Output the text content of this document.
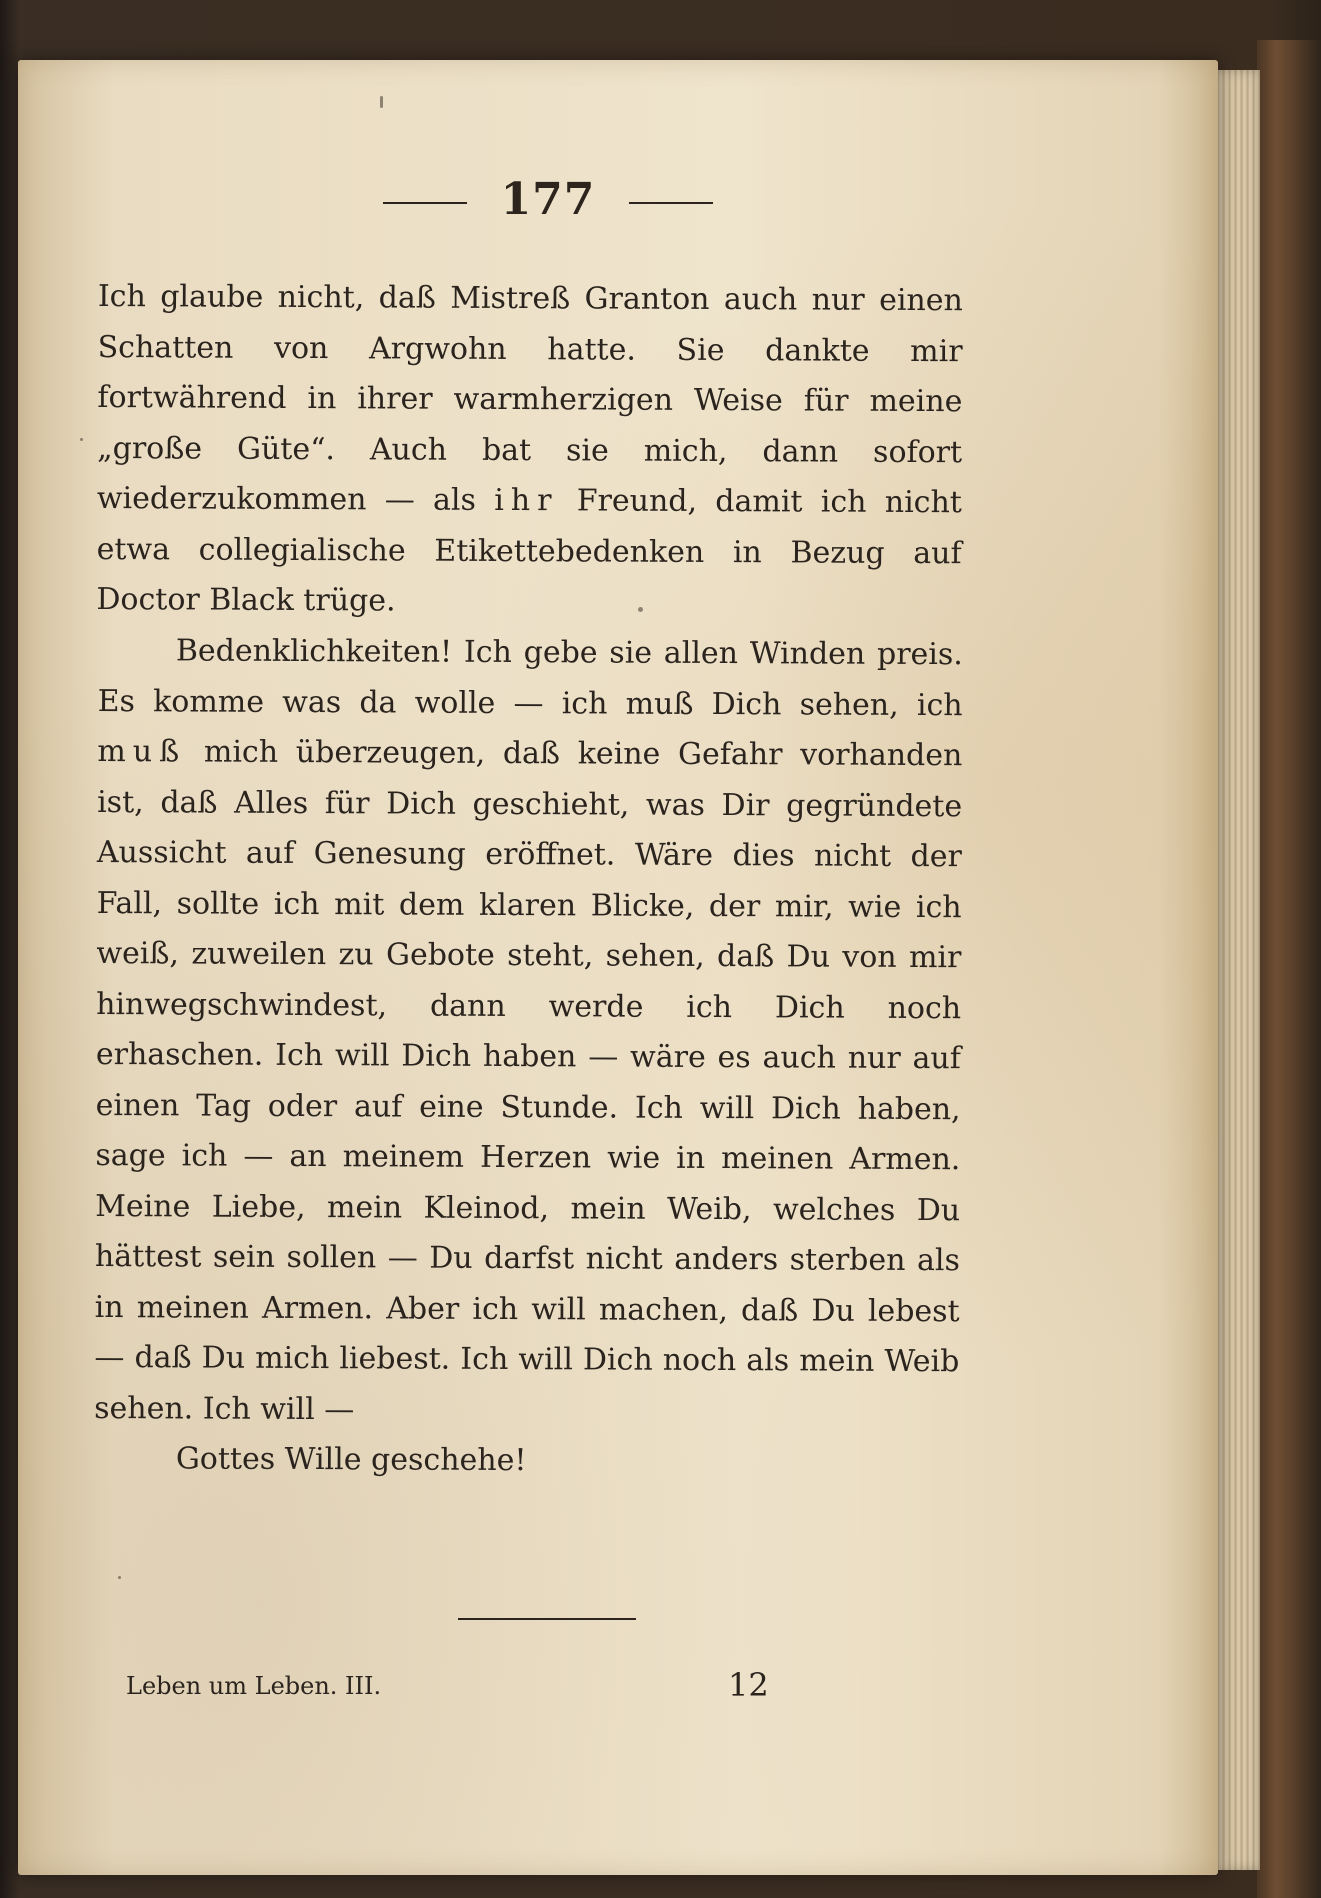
177

Ich glaube nicht, daß Mistreß Granton auch nur einen Schatten von Argwohn hatte. Sie dankte mir fortwährend in ihrer warmherzigen Weise für meine „große Güte“. Auch bat sie mich, dann sofort wiederzukommen — als ihr Freund, damit ich nicht etwa collegialische Etikettebedenken in Bezug auf Doctor Black trüge.

Bedenklichkeiten! Ich gebe sie allen Winden preis. Es komme was da wolle — ich muß Dich sehen, ich muß mich überzeugen, daß keine Gefahr vorhanden ist, daß Alles für Dich geschieht, was Dir gegründete Aussicht auf Genesung eröffnet. Wäre dies nicht der Fall, sollte ich mit dem klaren Blicke, der mir, wie ich weiß, zuweilen zu Gebote steht, sehen, daß Du von mir hinwegschwindest, dann werde ich Dich noch erhaschen. Ich will Dich haben — wäre es auch nur auf einen Tag oder auf eine Stunde. Ich will Dich haben, sage ich — an meinem Herzen wie in meinen Armen. Meine Liebe, mein Kleinod, mein Weib, welches Du hättest sein sollen — Du darfst nicht anders sterben als in meinen Armen. Aber ich will machen, daß Du lebest — daß Du mich liebest. Ich will Dich noch als mein Weib sehen. Ich will —

Gottes Wille geschehe!

Leben um Leben. III.	12
